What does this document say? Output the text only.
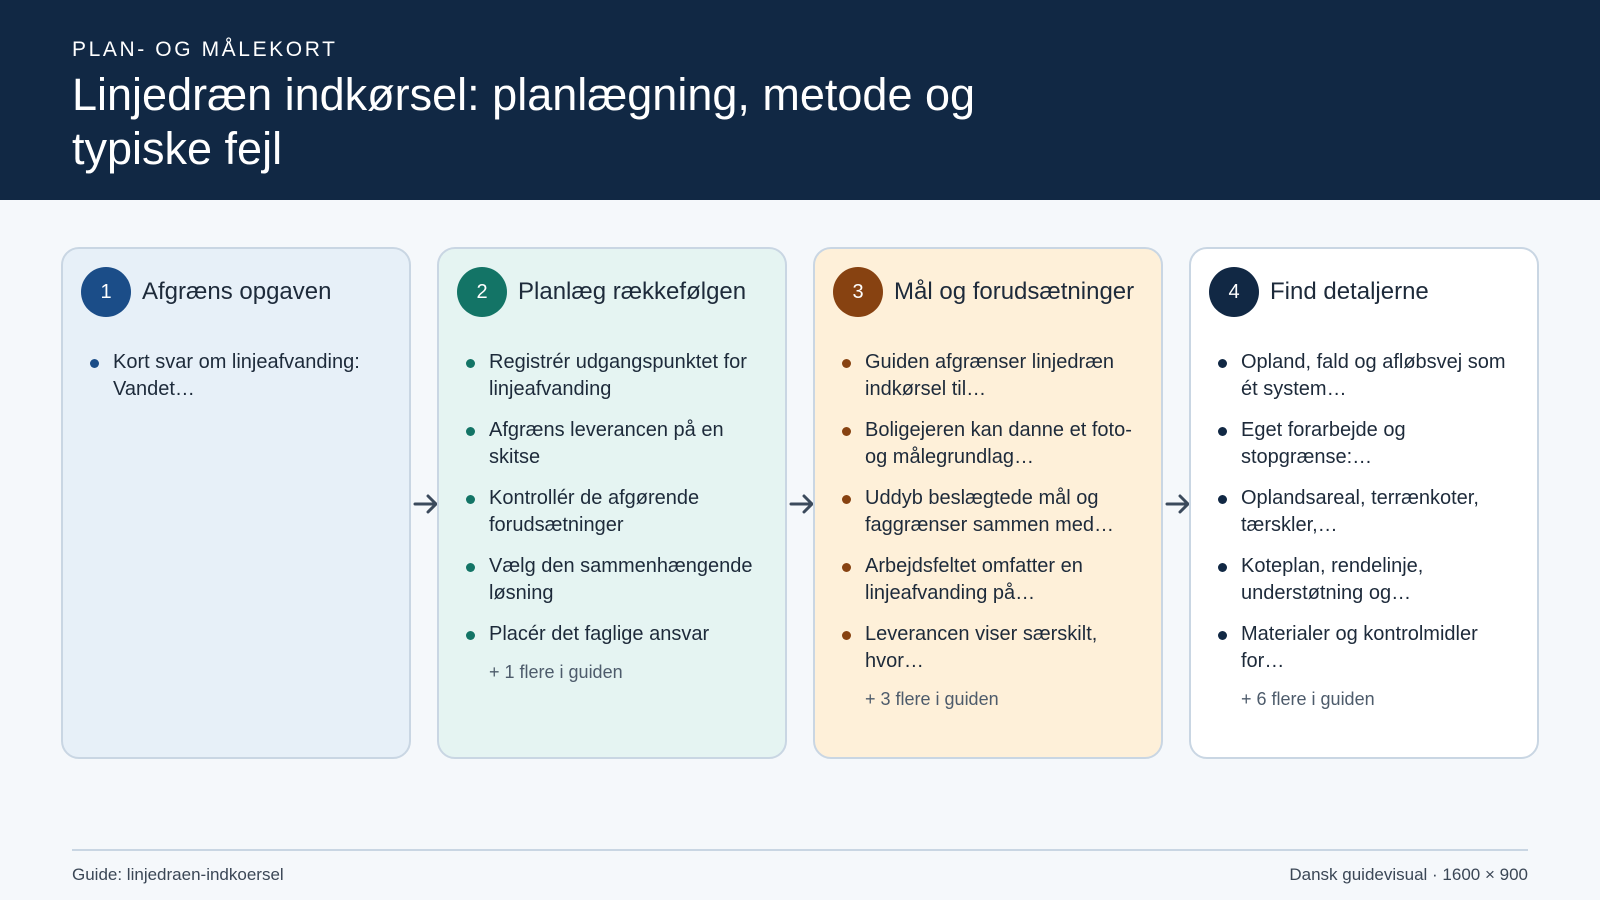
PLAN- OG MÅLEKORT
Linjedræn indkørsel: planlægning, metode og typiske fejl
1	Afgræns opgaven
Kort svar om linjeafvanding: Vandet…
2	Planlæg rækkefølgen
Registrér udgangspunktet for linjeafvanding
Afgræns leverancen på en skitse
Kontrollér de afgørende forudsætninger
Vælg den sammenhængende løsning
Placér det faglige ansvar
+ 1 flere i guiden
3	Mål og forudsætninger
Guiden afgrænser linjedræn indkørsel til…
Boligejeren kan danne et foto- og målegrundlag…
Uddyb beslægtede mål og faggrænser sammen med…
Arbejdsfeltet omfatter en linjeafvanding på…
Leverancen viser særskilt, hvor…
+ 3 flere i guiden
4	Find detaljerne
Opland, fald og afløbsvej som ét system…
Eget forarbejde og stopgrænse:…
Oplandsareal, terrænkoter, tærskler,…
Koteplan, rendelinje, understøtning og…
Materialer og kontrolmidler for…
+ 6 flere i guiden
Guide: linjedraen-indkoersel	Dansk guidevisual · 1600 × 900
